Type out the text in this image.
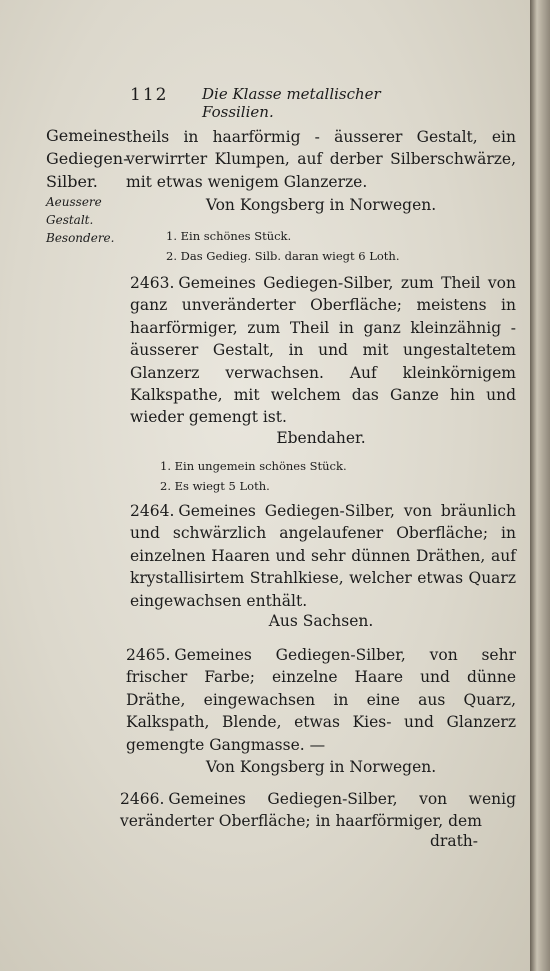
112 Die Klasse metallischer Fossilien.
Gemeines Gediegen-Silber.
Aeussere Gestalt.
Besondere.

theils in haarförmig - äusserer Gestalt, ein verwirrter Klumpen, auf derber Silberschwärze, mit etwas wenigem Glanzerze.

Von Kongsberg in Norwegen.
1. Ein schönes Stück.
2. Das Gedieg. Silb. daran wiegt 6 Loth.

2463. Gemeines Gediegen-Silber, zum Theil von ganz unveränderter Oberfläche; meistens in haarförmiger, zum Theil in ganz kleinzähnig - äusserer Gestalt, in und mit ungestaltetem Glanzerz verwachsen. Auf kleinkörnigem Kalkspathe, mit welchem das Ganze hin und wieder gemengt ist.

Ebendaher.
1. Ein ungemein schönes Stück.
2. Es wiegt 5 Loth.

2464. Gemeines Gediegen-Silber, von bräunlich und schwärzlich angelaufener Oberfläche; in einzelnen Haaren und sehr dünnen Dräthen, auf krystallisirtem Strahlkiese, welcher etwas Quarz eingewachsen enthält.

Aus Sachsen.

2465. Gemeines Gediegen-Silber, von sehr frischer Farbe; einzelne Haare und dünne Dräthe, eingewachsen in eine aus Quarz, Kalkspath, Blende, etwas Kies- und Glanzerz gemengte Gangmasse. —

Von Kongsberg in Norwegen.

2466. Gemeines Gediegen-Silber, von wenig veränderter Oberfläche; in haarförmiger, dem

drath-
